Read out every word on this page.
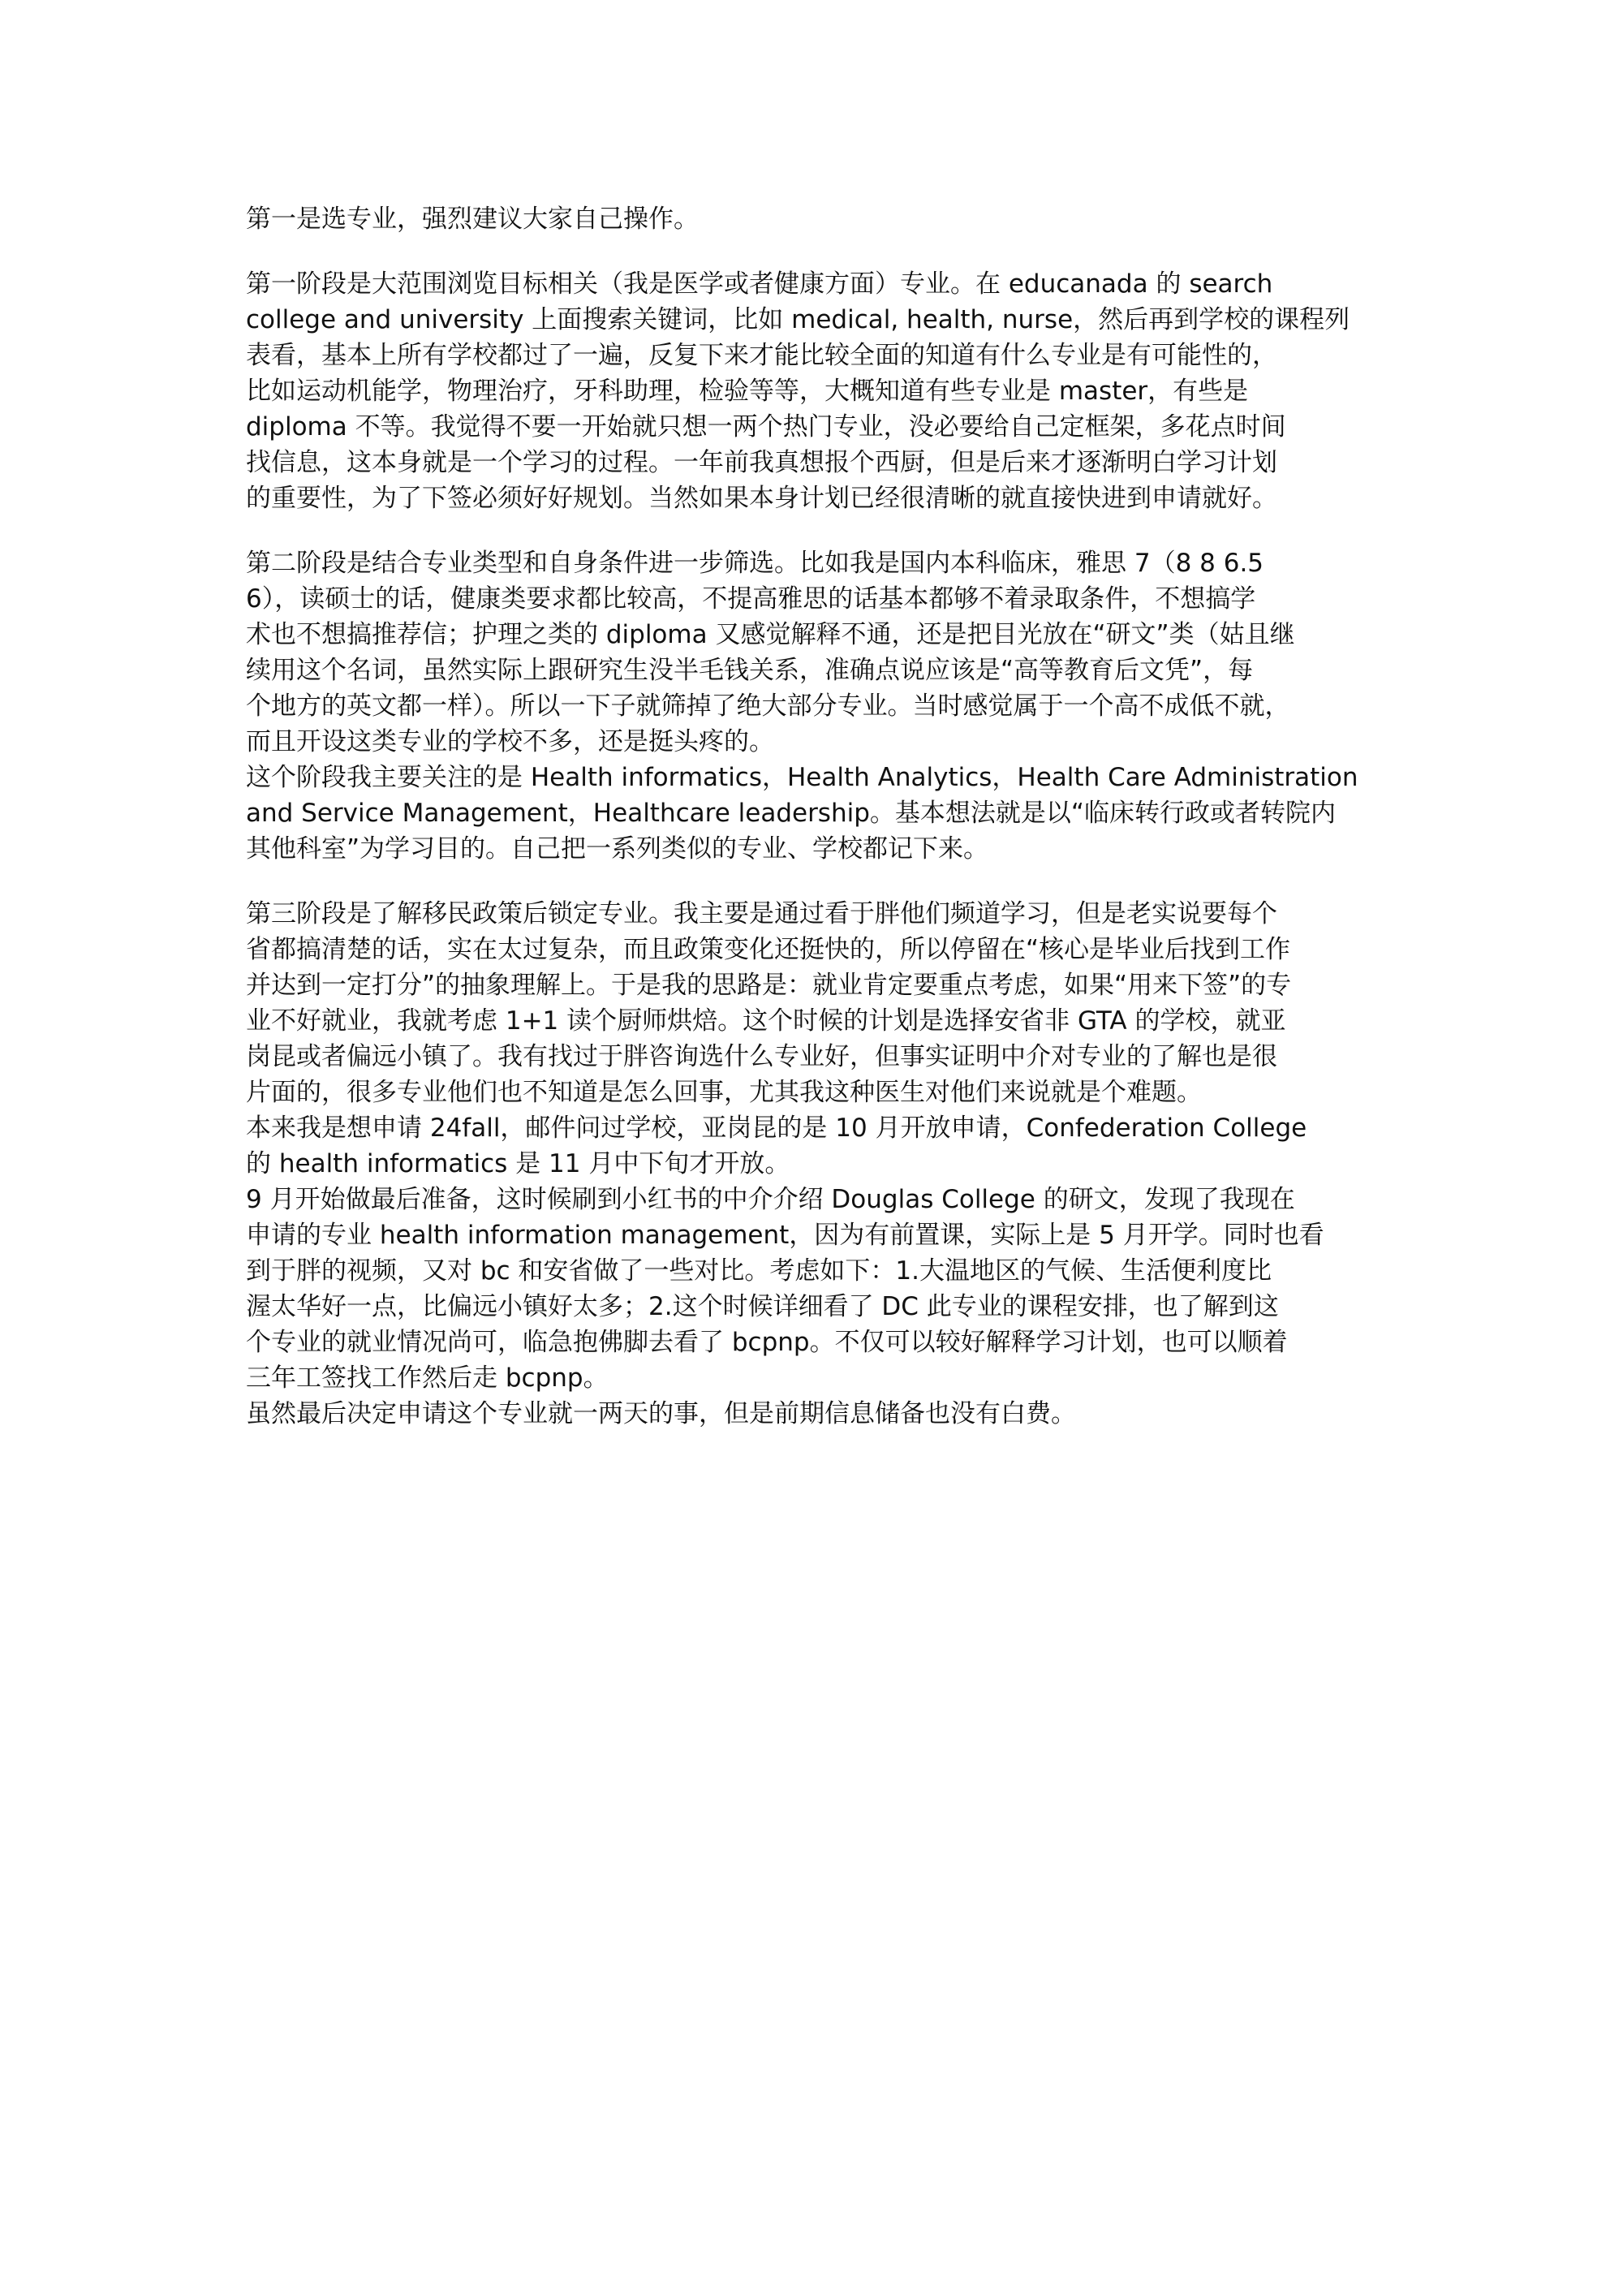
第一是选专业，强烈建议大家自己操作。
第一阶段是大范围浏览目标相关（我是医学或者健康方面）专业。在 educanada 的 search
college and university 上面搜索关键词，比如 medical, health, nurse，然后再到学校的课程列
表看，基本上所有学校都过了一遍，反复下来才能比较全面的知道有什么专业是有可能性的，
比如运动机能学，物理治疗，牙科助理，检验等等，大概知道有些专业是 master，有些是
diploma 不等。我觉得不要一开始就只想一两个热门专业，没必要给自己定框架，多花点时间
找信息，这本身就是一个学习的过程。一年前我真想报个西厨，但是后来才逐渐明白学习计划
的重要性，为了下签必须好好规划。当然如果本身计划已经很清晰的就直接快进到申请就好。
第二阶段是结合专业类型和自身条件进一步筛选。比如我是国内本科临床，雅思 7（8 8 6.5
6），读硕士的话，健康类要求都比较高，不提高雅思的话基本都够不着录取条件，不想搞学
术也不想搞推荐信；护理之类的 diploma 又感觉解释不通，还是把目光放在“研文”类（姑且继
续用这个名词，虽然实际上跟研究生没半毛钱关系，准确点说应该是“高等教育后文凭”，每
个地方的英文都一样）。所以一下子就筛掉了绝大部分专业。当时感觉属于一个高不成低不就，
而且开设这类专业的学校不多，还是挺头疼的。
这个阶段我主要关注的是 Health informatics，Health Analytics，Health Care Administration
and Service Management，Healthcare leadership。基本想法就是以“临床转行政或者转院内
其他科室”为学习目的。自己把一系列类似的专业、学校都记下来。
第三阶段是了解移民政策后锁定专业。我主要是通过看于胖他们频道学习，但是老实说要每个
省都搞清楚的话，实在太过复杂，而且政策变化还挺快的，所以停留在“核心是毕业后找到工作
并达到一定打分”的抽象理解上。于是我的思路是：就业肯定要重点考虑，如果“用来下签”的专
业不好就业，我就考虑 1+1 读个厨师烘焙。这个时候的计划是选择安省非 GTA 的学校，就亚
岗昆或者偏远小镇了。我有找过于胖咨询选什么专业好，但事实证明中介对专业的了解也是很
片面的，很多专业他们也不知道是怎么回事，尤其我这种医生对他们来说就是个难题。
本来我是想申请 24fall，邮件问过学校，亚岗昆的是 10 月开放申请，Confederation College
的 health informatics 是 11 月中下旬才开放。
9 月开始做最后准备，这时候刷到小红书的中介介绍 Douglas College 的研文，发现了我现在
申请的专业 health information management，因为有前置课，实际上是 5 月开学。同时也看
到于胖的视频，又对 bc 和安省做了一些对比。考虑如下：1.大温地区的气候、生活便利度比
渥太华好一点，比偏远小镇好太多；2.这个时候详细看了 DC 此专业的课程安排，也了解到这
个专业的就业情况尚可，临急抱佛脚去看了 bcpnp。不仅可以较好解释学习计划，也可以顺着
三年工签找工作然后走 bcpnp。
虽然最后决定申请这个专业就一两天的事，但是前期信息储备也没有白费。
